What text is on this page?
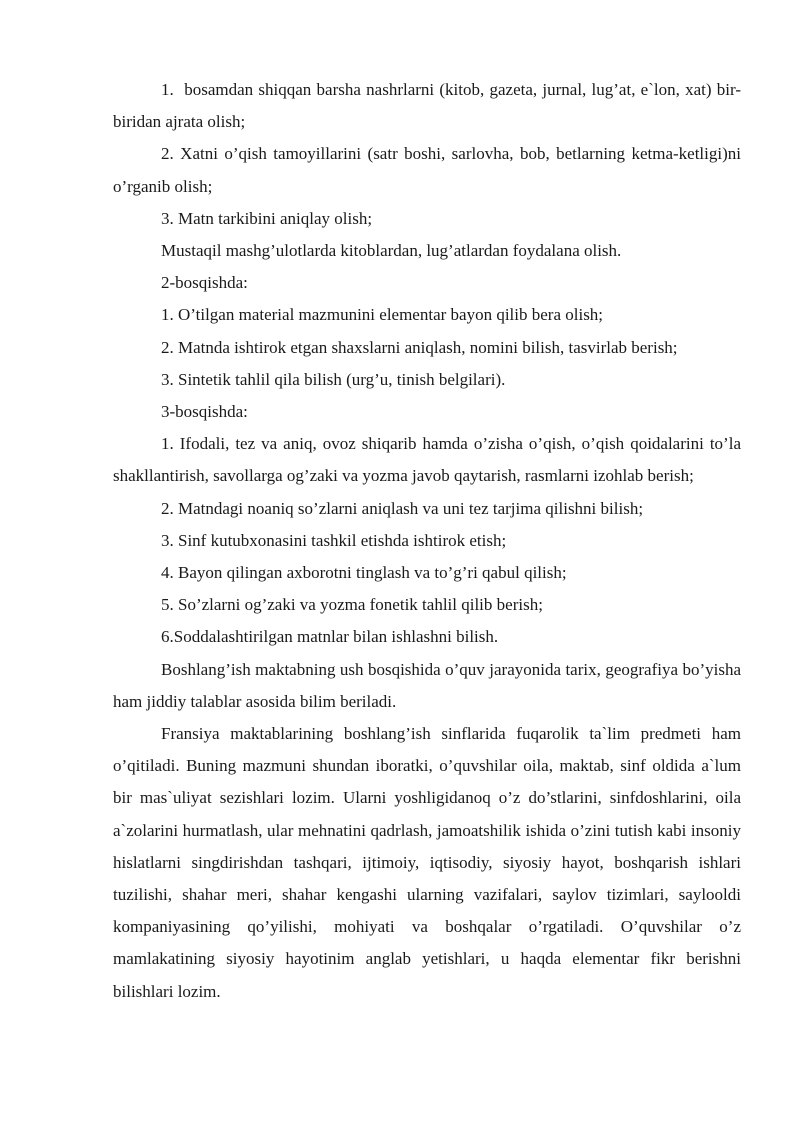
1.  bosamdan shiqqan barsha nashrlarni (kitob, gazeta, jurnal, lug’at, e`lon, xat) bir-biridan ajrata olish;

2. Xatni o’qish tamoyillarini (satr boshi, sarlovha, bob, betlarning ketma-ketligi)ni o’rganib olish;

3. Matn tarkibini aniqlay olish;

Mustaqil mashg’ulotlarda kitoblardan, lug’atlardan foydalana olish.

2-bosqishda:

1. O’tilgan material mazmunini elementar bayon qilib bera olish;

2. Matnda ishtirok etgan shaxslarni aniqlash, nomini bilish, tasvirlab berish;

3. Sintetik tahlil qila bilish (urg’u, tinish belgilari).

3-bosqishda:

1. Ifodali, tez va aniq, ovoz shiqarib hamda o’zisha o’qish, o’qish qoidalarini to’la shakllantirish, savollarga og’zaki va yozma javob qaytarish, rasmlarni izohlab berish;

2. Matndagi noaniq so’zlarni aniqlash va uni tez tarjima qilishni bilish;

3. Sinf kutubxonasini tashkil etishda ishtirok etish;

4. Bayon qilingan axborotni tinglash va to’g’ri qabul qilish;

5. So’zlarni og’zaki va yozma fonetik tahlil qilib berish;

6.Soddalashtirilgan matnlar bilan ishlashni bilish.

Boshlang’ish maktabning ush bosqishida o’quv jarayonida tarix, geografiya bo’yisha ham jiddiy talablar asosida bilim beriladi.

Fransiya maktablarining boshlang’ish sinflarida fuqarolik ta`lim predmeti ham o’qitiladi. Buning mazmuni shundan iboratki, o’quvshilar oila, maktab, sinf oldida a`lum bir mas`uliyat sezishlari lozim. Ularni yoshligidanoq o’z do’stlarini, sinfdoshlarini, oila a`zolarini hurmatlash, ular mehnatini qadrlash, jamoatshilik ishida o’zini tutish kabi insoniy hislatlarni singdirishdan tashqari, ijtimoiy, iqtisodiy, siyosiy hayot, boshqarish ishlari tuzilishi, shahar meri, shahar kengashi ularning vazifalari, saylov tizimlari, saylooldi kompaniyasining qo’yilishi, mohiyati va boshqalar o’rgatiladi. O’quvshilar o’z mamlakatining siyosiy hayotinim anglab yetishlari, u haqda elementar fikr berishni bilishlari lozim.
